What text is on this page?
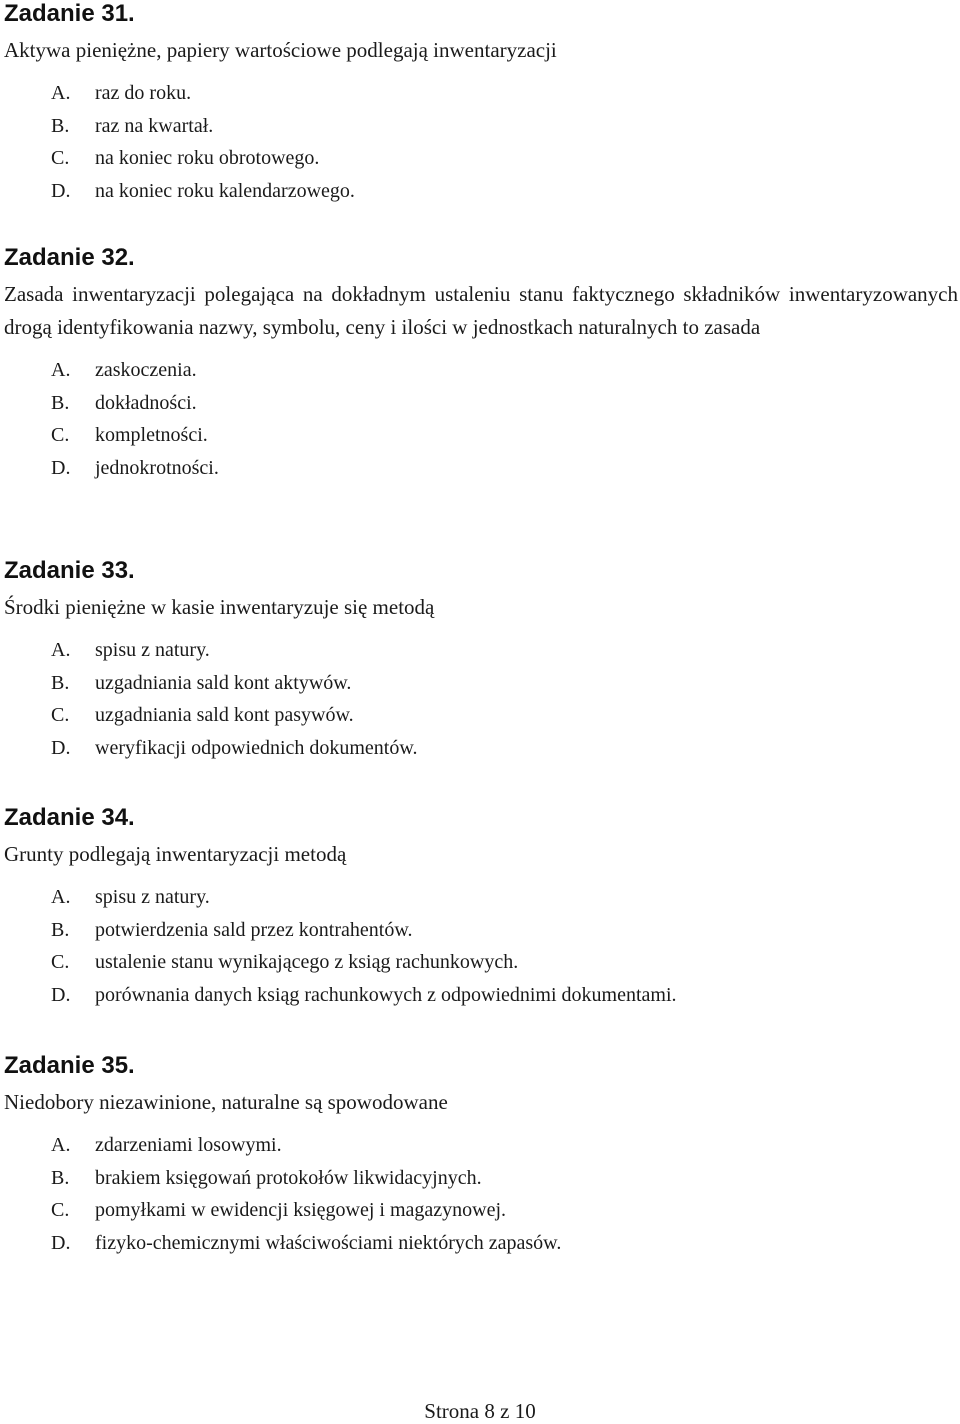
Zadanie 31.

Aktywa pieniężne, papiery wartościowe podlegają inwentaryzacji

A.	raz do roku.
B.	raz na kwartał.
C.	na koniec roku obrotowego.
D.	na koniec roku kalendarzowego.
Zadanie 32.

Zasada inwentaryzacji polegająca na dokładnym ustaleniu stanu faktycznego składników inwentaryzowanych drogą identyfikowania nazwy, symbolu, ceny i ilości w jednostkach naturalnych to zasada

A.	zaskoczenia.
B.	dokładności.
C.	kompletności.
D.	jednokrotności.
Zadanie 33.

Środki pieniężne w kasie inwentaryzuje się metodą

A.	spisu z natury.
B.	uzgadniania sald kont aktywów.
C.	uzgadniania sald kont pasywów.
D.	weryfikacji odpowiednich dokumentów.
Zadanie 34.

Grunty podlegają inwentaryzacji metodą

A.	spisu z natury.
B.	potwierdzenia sald przez kontrahentów.
C.	ustalenie stanu wynikającego z ksiąg rachunkowych.
D.	porównania danych ksiąg rachunkowych z odpowiednimi dokumentami.
Zadanie 35.

Niedobory niezawinione, naturalne są spowodowane

A.	zdarzeniami losowymi.
B.	brakiem księgowań protokołów likwidacyjnych.
C.	pomyłkami w ewidencji księgowej i magazynowej.
D.	fizyko-chemicznymi właściwościami niektórych zapasów.
Strona 8 z 10
